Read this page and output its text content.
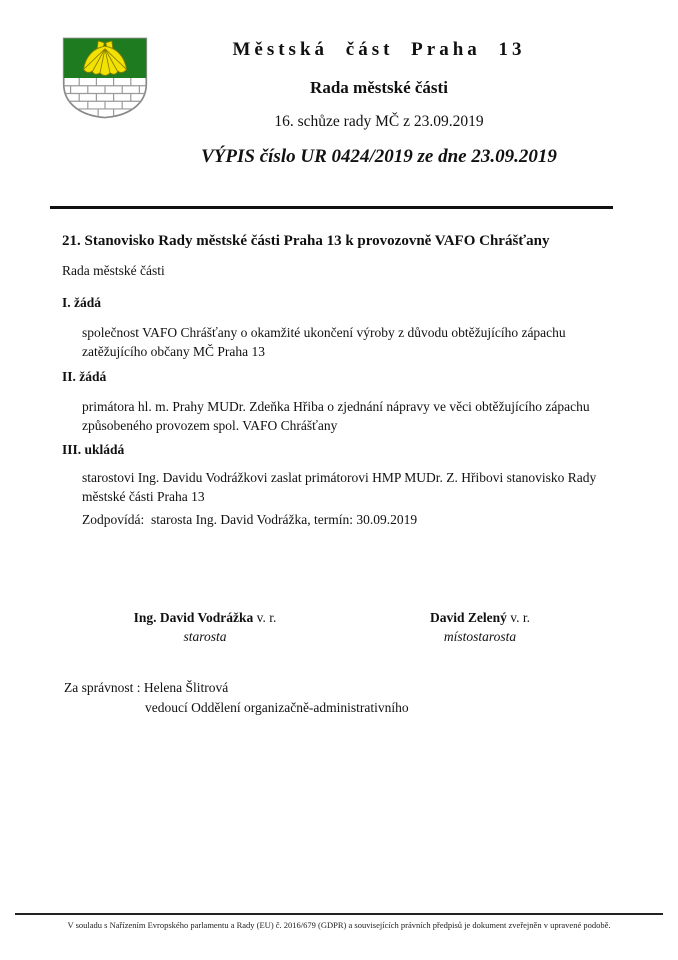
Městská část Praha 13
Rada městské části
16. schůze rady MČ z 23.09.2019
VÝPIS číslo UR 0424/2019 ze dne 23.09.2019
21. Stanovisko Rady městské části Praha 13 k provozovně VAFO Chrášťany
Rada městské části
I. žádá
společnost VAFO Chrášťany o okamžité ukončení výroby z důvodu obtěžujícího zápachu zatěžujícího občany MČ Praha 13
II. žádá
primátora hl. m. Prahy MUDr. Zdeňka Hřiba o zjednání nápravy ve věci obtěžujícího zápachu způsobeného provozem spol. VAFO Chrášťany
III. ukládá
starostovi Ing. Davidu Vodrážkovi zaslat primátorovi HMP MUDr. Z. Hřibovi stanovisko Rady městské části Praha 13
Zodpovídá:  starosta Ing. David Vodrážka, termín: 30.09.2019
Ing. David Vodrážka v. r.
starosta
David Zelený v. r.
místostarosta
Za správnost : Helena Šlitrová
vedoucí Oddělení organizačně-administrativního
V souladu s Nařízením Evropského parlamentu a Rady (EU) č. 2016/679 (GDPR) a souvisejících právních předpisů je dokument zveřejněn v upravené podobě.
